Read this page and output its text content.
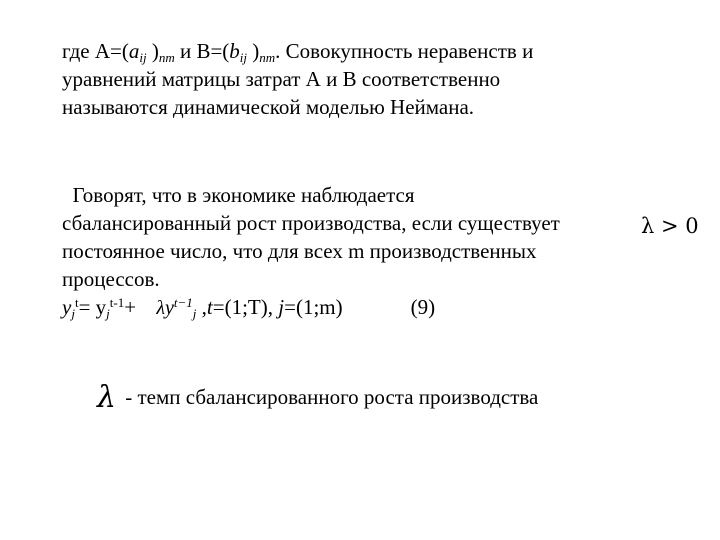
где $А=(a_{ij}$ )$_{nm}$ и $В=(b_{ij}$ )$_{nm}$. Совокупность неравенств и
уравнений матрицы затрат А и В соответственно
называются динамической моделью Неймана.
Говорят, что в экономике наблюдается
сбалансированный рост производства, если существует
постоянное число, что для всех m производственных
процессов.
$y_j^t= y_j^{t-1}+$    $\lambda y^{t-1}_j$ ,t=(1;T), j=(1;m)	(9)
λ > 0
λ - темп сбалансированного роста производства
